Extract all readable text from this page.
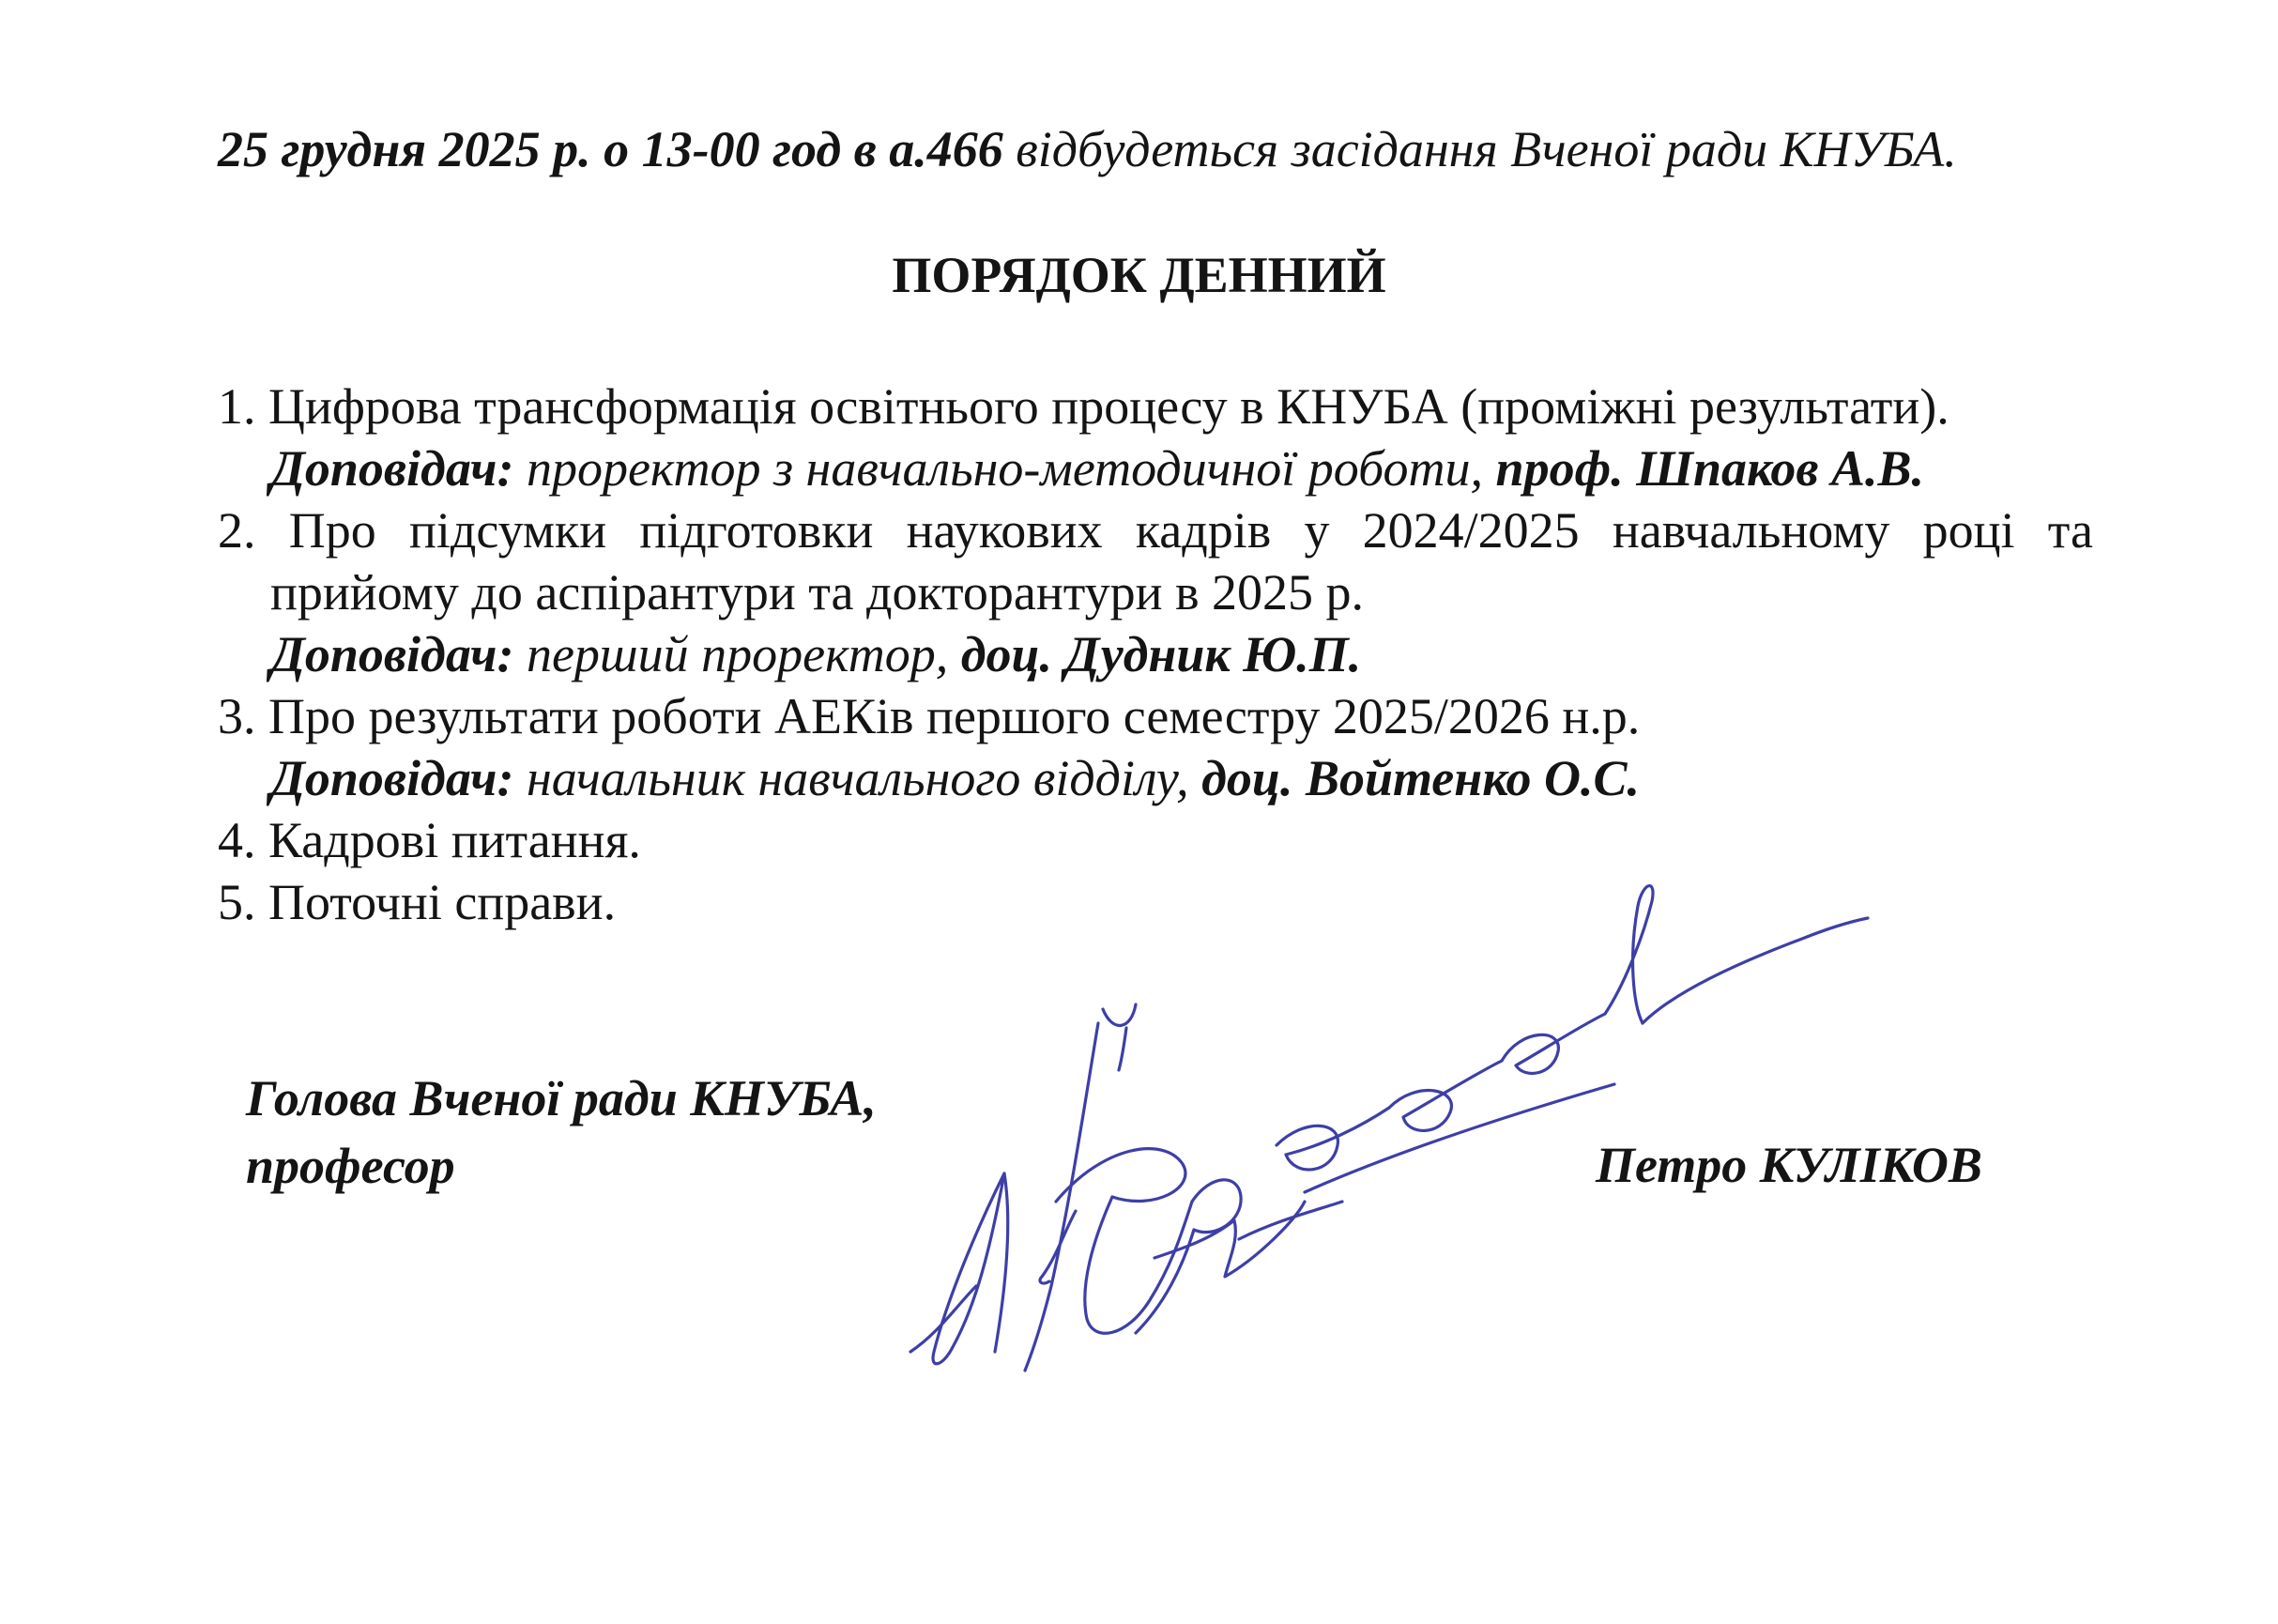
25 грудня 2025 р. о 13-00 год в а.466 відбудеться засідання Вченої ради КНУБА.
ПОРЯДОК ДЕННИЙ
1. Цифрова трансформація освітнього процесу в КНУБА (проміжні результати).
Доповідач: проректор з навчально-методичної роботи, проф. Шпаков А.В.
2. Про підсумки підготовки наукових кадрів у 2024/2025 навчальному році та
прийому до аспірантури та докторантури в 2025 р.
Доповідач: перший проректор, доц. Дудник Ю.П.
3. Про результати роботи АЕКів першого семестру 2025/2026 н.р.
Доповідач: начальник навчального відділу, доц. Войтенко О.С.
4. Кадрові питання.
5. Поточні справи.
Голова Вченої ради КНУБА,
професор	Петро КУЛІКОВ
